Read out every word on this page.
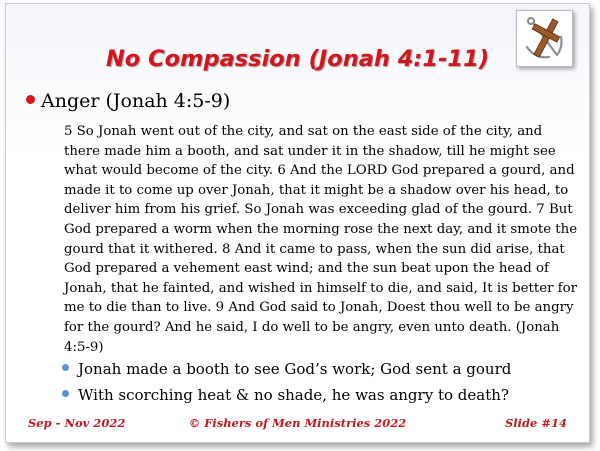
No Compassion (Jonah 4:1-11)
Anger (Jonah 4:5-9)
5 So Jonah went out of the city, and sat on the east side of the city, and there made him a booth, and sat under it in the shadow, till he might see what would become of the city. 6 And the LORD God prepared a gourd, and made it to come up over Jonah, that it might be a shadow over his head, to deliver him from his grief. So Jonah was exceeding glad of the gourd. 7 But God prepared a worm when the morning rose the next day, and it smote the gourd that it withered. 8 And it came to pass, when the sun did arise, that God prepared a vehement east wind; and the sun beat upon the head of Jonah, that he fainted, and wished in himself to die, and said, It is better for me to die than to live. 9 And God said to Jonah, Doest thou well to be angry for the gourd? And he said, I do well to be angry, even unto death. (Jonah 4:5-9)
Jonah made a booth to see God’s work; God sent a gourd
With scorching heat & no shade, he was angry to death?
Sep - Nov 2022	© Fishers of Men Ministries 2022	Slide #14
